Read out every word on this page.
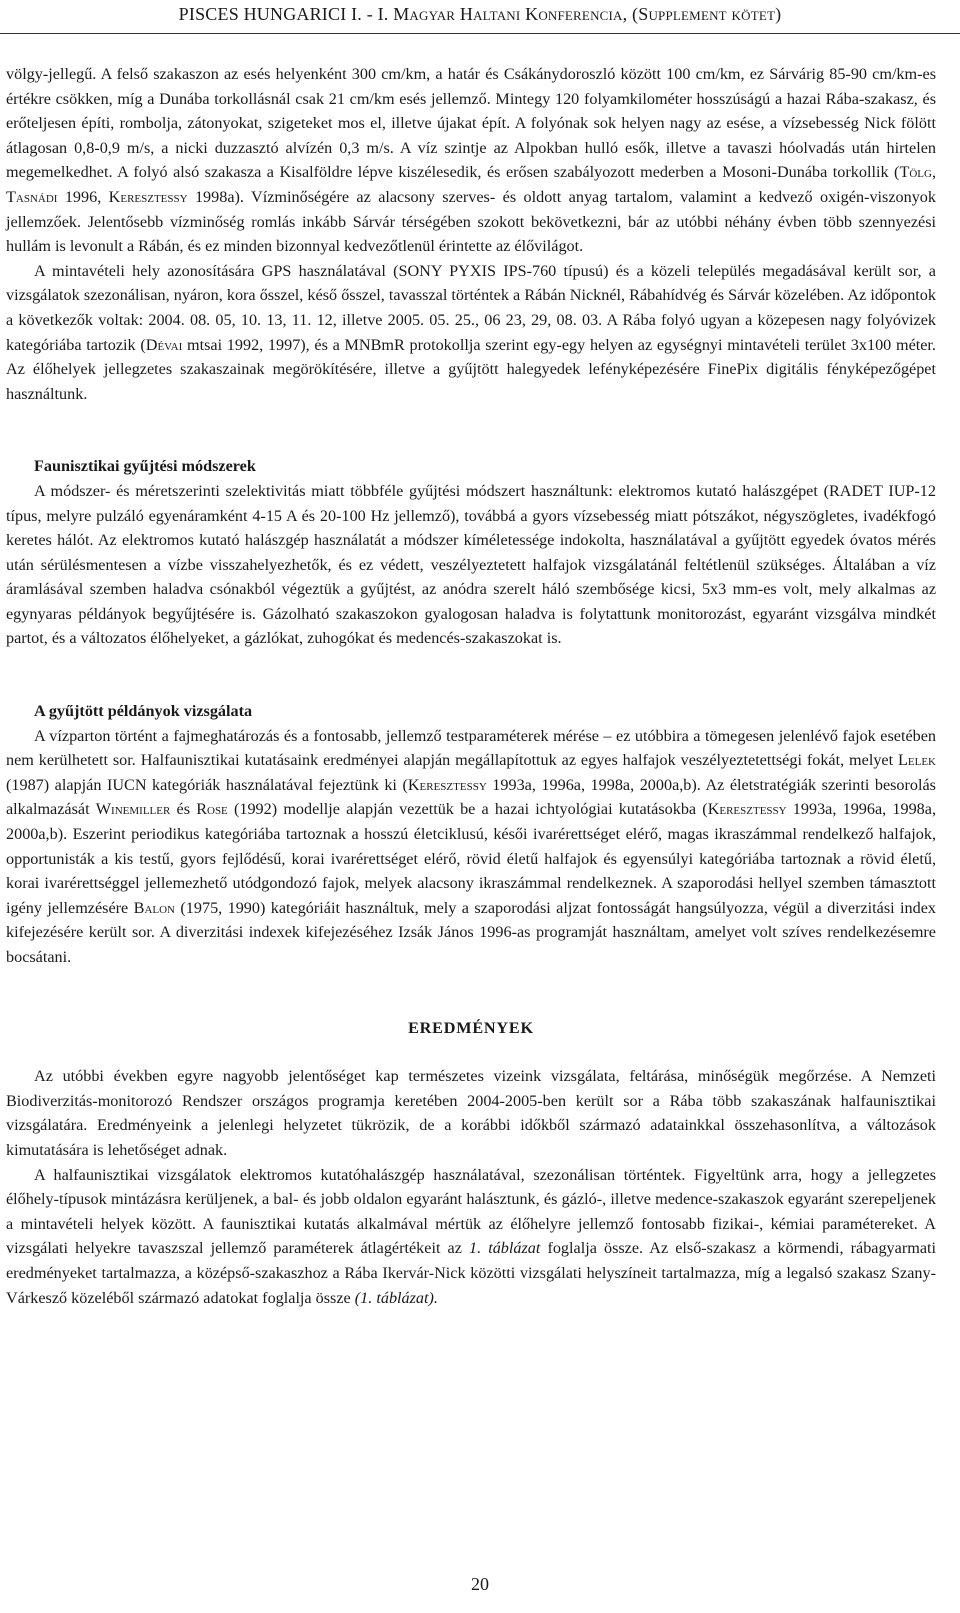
PISCES HUNGARICI I. - I. Magyar Haltani Konferencia, (Supplement kötet)

völgy-jellegű. A felső szakaszon az esés helyenként 300 cm/km, a határ és Csákánydoroszló között 100 cm/km, ez Sárvárig 85-90 cm/km-es értékre csökken, míg a Dunába torkollásnál csak 21 cm/km esés jellemző. Mintegy 120 folyamkilométer hosszúságú a hazai Rába-szakasz, és erőteljesen építi, rombolja, zátonyokat, szigeteket mos el, illetve újakat épít. A folyónak sok helyen nagy az esése, a vízsebesség Nick fölött átlagosan 0,8-0,9 m/s, a nicki duzzasztó alvízén 0,3 m/s. A víz szintje az Alpokban hulló esők, illetve a tavaszi hóolvadás után hirtelen megemelkedhet. A folyó alsó szakasza a Kisalföldre lépve kiszélesedik, és erősen szabályozott mederben a Mosoni-Dunába torkollik (Tölg, Tasnádi 1996, Keresztessy 1998a). Vízminőségére az alacsony szerves- és oldott anyag tartalom, valamint a kedvező oxigén-viszonyok jellemzőek. Jelentősebb vízminőség romlás inkább Sárvár térségében szokott bekövetkezni, bár az utóbbi néhány évben több szennyezési hullám is levonult a Rábán, és ez minden bizonnyal kedvezőtlenül érintette az élővilágot.

A mintavételi hely azonosítására GPS használatával (SONY PYXIS IPS-760 típusú) és a közeli település megadásával került sor, a vizsgálatok szezonálisan, nyáron, kora ősszel, késő ősszel, tavasszal történtek a Rábán Nicknél, Rábahídvég és Sárvár közelében. Az időpontok a következők voltak: 2004. 08. 05, 10. 13, 11. 12, illetve 2005. 05. 25., 06 23, 29, 08. 03. A Rába folyó ugyan a közepesen nagy folyóvizek kategóriába tartozik (Dévai mtsai 1992, 1997), és a MNBmR protokollja szerint egy-egy helyen az egységnyi mintavételi terület 3x100 méter. Az élőhelyek jellegzetes szakaszainak megörökítésére, illetve a gyűjtött halegyedek lefényképezésére FinePix digitális fényképezőgépet használtunk.

Faunisztikai gyűjtési módszerek

A módszer- és méretszerinti szelektivitás miatt többféle gyűjtési módszert használtunk: elektromos kutató halászgépet (RADET IUP-12 típus, melyre pulzáló egyenáramként 4-15 A és 20-100 Hz jellemző), továbbá a gyors vízsebesség miatt pótszákot, négyszögletes, ivadékfogó keretes hálót. Az elektromos kutató halászgép használatát a módszer kíméletessége indokolta, használatával a gyűjtött egyedek óvatos mérés után sérülésmentesen a vízbe visszahelyezhetők, és ez védett, veszélyeztetett halfajok vizsgálatánál feltétlenül szükséges. Általában a víz áramlásával szemben haladva csónakból végeztük a gyűjtést, az anódra szerelt háló szembősége kicsi, 5x3 mm-es volt, mely alkalmas az egynyaras példányok begyűjtésére is. Gázolható szakaszokon gyalogosan haladva is folytattunk monitorozást, egyaránt vizsgálva mindkét partot, és a változatos élőhelyeket, a gázlókat, zuhogókat és medencés-szakaszokat is.

A gyűjtött példányok vizsgálata

A vízparton történt a fajmeghatározás és a fontosabb, jellemző testparaméterek mérése – ez utóbbira a tömegesen jelenlévő fajok esetében nem kerülhetett sor. Halfaunisztikai kutatásaink eredményei alapján megállapítottuk az egyes halfajok veszélyeztetettségi fokát, melyet Lelek (1987) alapján IUCN kategóriák használatával fejeztünk ki (Keresztessy 1993a, 1996a, 1998a, 2000a,b). Az életstratégiák szerinti besorolás alkalmazását Winemiller és Rose (1992) modellje alapján vezettük be a hazai ichtyológiai kutatásokba (Keresztessy 1993a, 1996a, 1998a, 2000a,b). Eszerint periodikus kategóriába tartoznak a hosszú életciklusú, késői ivarérettséget elérő, magas ikraszámmal rendelkező halfajok, opportunisták a kis testű, gyors fejlődésű, korai ivarérettséget elérő, rövid életű halfajok és egyensúlyi kategóriába tartoznak a rövid életű, korai ivarérettséggel jellemezhető utódgondozó fajok, melyek alacsony ikraszámmal rendelkeznek. A szaporodási hellyel szemben támasztott igény jellemzésére Balon (1975, 1990) kategóriáit használtuk, mely a szaporodási aljzat fontosságát hangsúlyozza, végül a diverzitási index kifejezésére került sor. A diverzitási indexek kifejezéséhez Izsák János 1996-as programját használtam, amelyet volt szíves rendelkezésemre bocsátani.

EREDMÉNYEK

Az utóbbi években egyre nagyobb jelentőséget kap természetes vizeink vizsgálata, feltárása, minőségük megőrzése. A Nemzeti Biodiverzitás-monitorozó Rendszer országos programja keretében 2004-2005-ben került sor a Rába több szakaszának halfaunisztikai vizsgálatára. Eredményeink a jelenlegi helyzetet tükrözik, de a korábbi időkből származó adatainkkal összehasonlítva, a változások kimutatására is lehetőséget adnak.

A halfaunisztikai vizsgálatok elektromos kutatóhalászgép használatával, szezonálisan történtek. Figyeltünk arra, hogy a jellegzetes élőhely-típusok mintázásra kerüljenek, a bal- és jobb oldalon egyaránt halásztunk, és gázló-, illetve medence-szakaszok egyaránt szerepeljenek a mintavételi helyek között. A faunisztikai kutatás alkalmával mértük az élőhelyre jellemző fontosabb fizikai-, kémiai paramétereket. A vizsgálati helyekre tavaszszal jellemző paraméterek átlagértékeit az 1. táblázat foglalja össze. Az első-szakasz a körmendi, rábagyarmati eredményeket tartalmazza, a középső-szakaszhoz a Rába Ikervár-Nick közötti vizsgálati helyszíneit tartalmazza, míg a legalsó szakasz Szany-Várkesző közeléből származó adatokat foglalja össze (1. táblázat).

20
